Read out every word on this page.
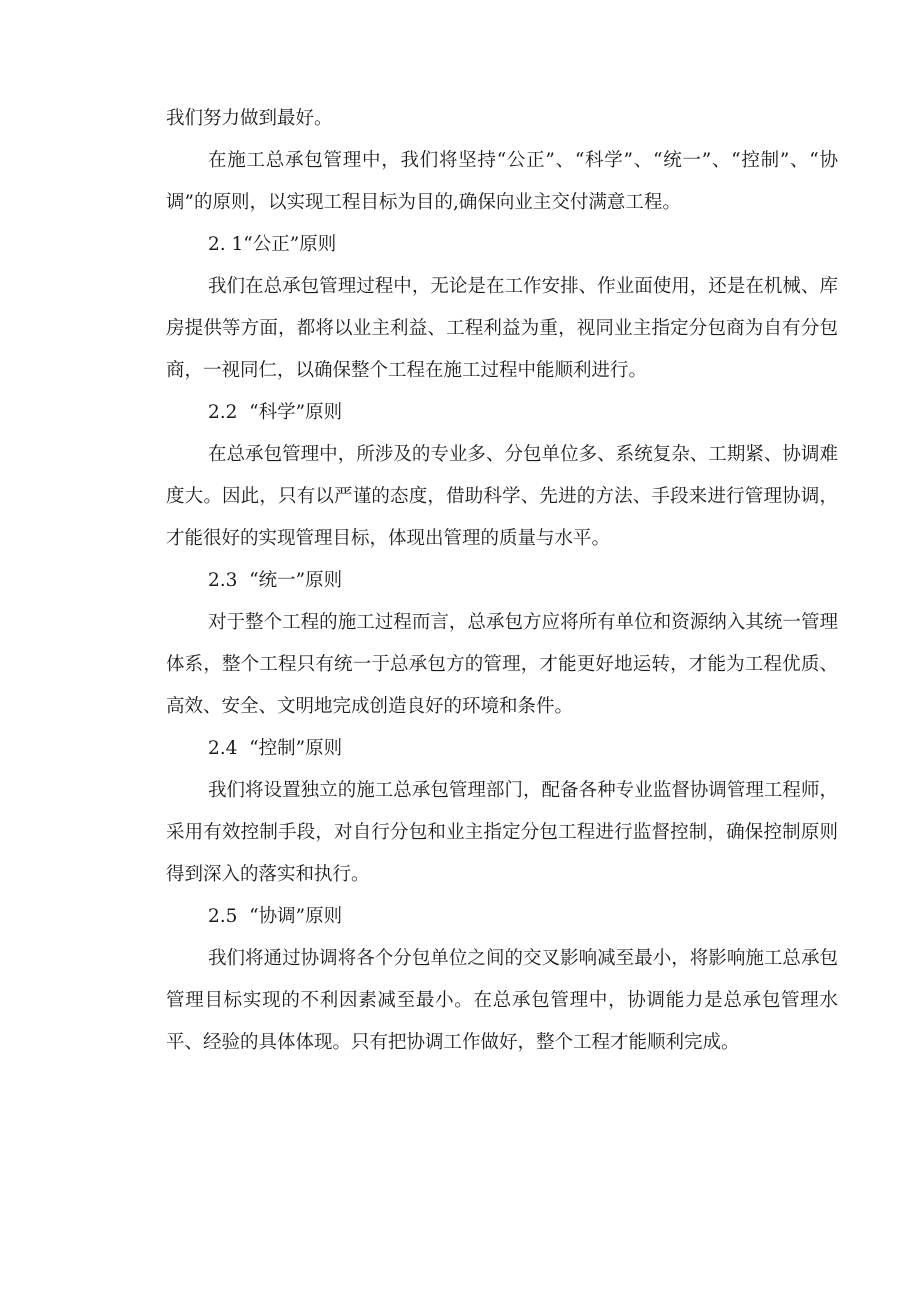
我们努力做到最好。

在施工总承包管理中，我们将坚持“公正”、“科学”、“统一”、“控制”、“协调”的原则，以实现工程目标为目的,确保向业主交付满意工程。

2. 1“公正”原则

我们在总承包管理过程中，无论是在工作安排、作业面使用，还是在机械、库房提供等方面，都将以业主利益、工程利益为重，视同业主指定分包商为自有分包商，一视同仁，以确保整个工程在施工过程中能顺利进行。

2.2  “科学”原则

在总承包管理中，所涉及的专业多、分包单位多、系统复杂、工期紧、协调难度大。因此，只有以严谨的态度，借助科学、先进的方法、手段来进行管理协调，才能很好的实现管理目标，体现出管理的质量与水平。

2.3  “统一”原则

对于整个工程的施工过程而言，总承包方应将所有单位和资源纳入其统一管理体系，整个工程只有统一于总承包方的管理，才能更好地运转，才能为工程优质、高效、安全、文明地完成创造良好的环境和条件。

2.4  “控制”原则

我们将设置独立的施工总承包管理部门，配备各种专业监督协调管理工程师，采用有效控制手段，对自行分包和业主指定分包工程进行监督控制，确保控制原则得到深入的落实和执行。

2.5  “协调”原则

我们将通过协调将各个分包单位之间的交叉影响减至最小，将影响施工总承包管理目标实现的不利因素减至最小。在总承包管理中，协调能力是总承包管理水平、经验的具体体现。只有把协调工作做好，整个工程才能顺利完成。
